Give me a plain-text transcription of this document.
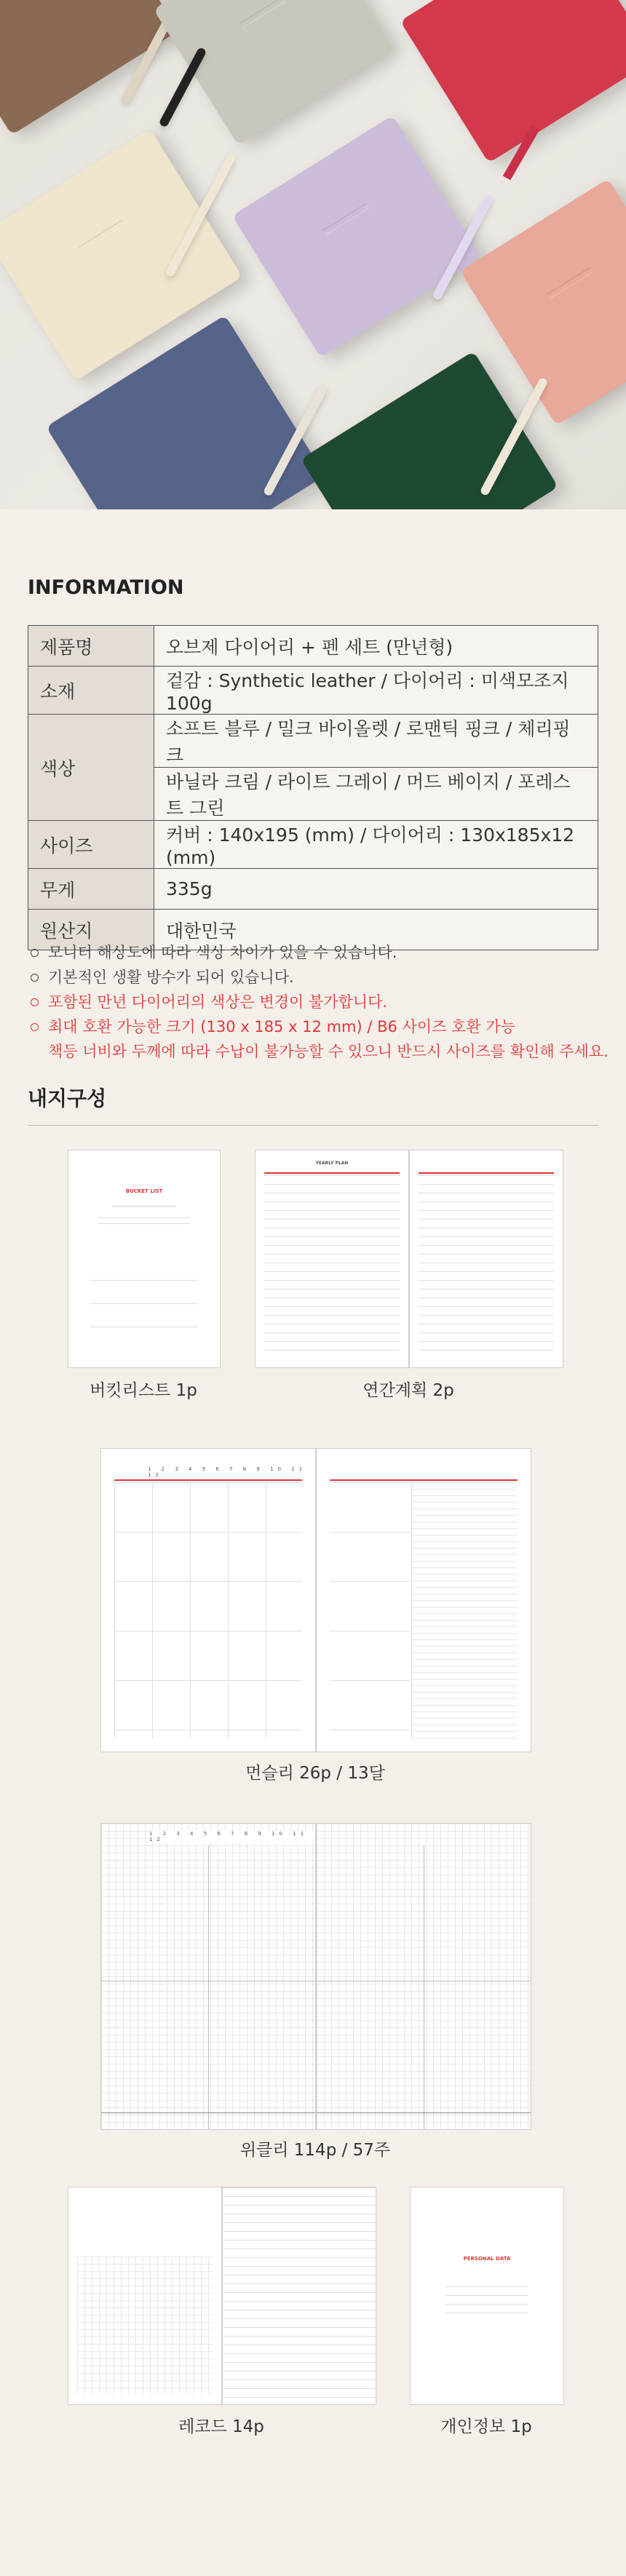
INFORMATION
제품명	오브제 다이어리 + 펜 세트 (만년형)
소재	겉감 : Synthetic leather / 다이어리 : 미색모조지 100g
색상	소프트 블루 / 밀크 바이올렛 / 로맨틱 핑크 / 체리핑크
	바닐라 크림 / 라이트 그레이 / 머드 베이지 / 포레스트 그린
사이즈	커버 : 140x195 (mm) / 다이어리 : 130x185x12 (mm)
무게	335g
원산지	대한민국
모니터 해상도에 따라 색상 차이가 있을 수 있습니다.
기본적인 생활 방수가 되어 있습니다.
포함된 만년 다이어리의 색상은 변경이 불가합니다.
최대 호환 가능한 크기 (130 x 185 x 12 mm) / B6 사이즈 호환 가능
책등 너비와 두께에 따라 수납이 불가능할 수 있으니 반드시 사이즈를 확인해 주세요.
내지구성
BUCKET LIST
버킷리스트 1p
YEARLY PLAN
연간계획 2p
1 2 3 4 5 6 7 8 9 10 11 12
먼슬리 26p / 13달
1 2 3 4 5 6 7 8 9 10 11 12
위클리 114p / 57주
레코드 14p
PERSONAL DATA
개인정보 1p
